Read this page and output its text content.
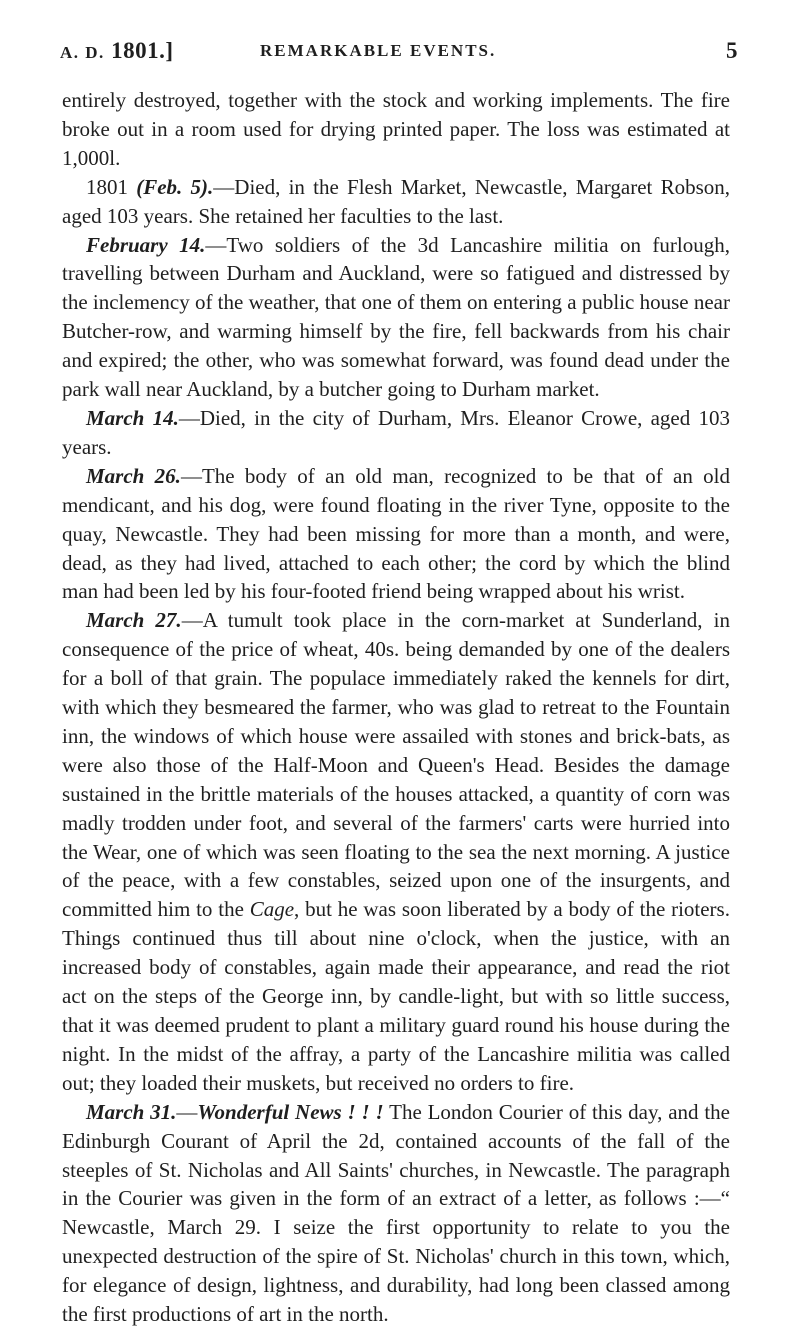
A. D. 1801.]	REMARKABLE EVENTS.	5

entirely destroyed, together with the stock and working implements. The fire broke out in a room used for drying printed paper. The loss was estimated at 1,000l.

1801 (Feb. 5).—Died, in the Flesh Market, Newcastle, Margaret Robson, aged 103 years. She retained her faculties to the last.

February 14.—Two soldiers of the 3d Lancashire militia on furlough, travelling between Durham and Auckland, were so fatigued and distressed by the inclemency of the weather, that one of them on entering a public house near Butcher-row, and warming himself by the fire, fell backwards from his chair and expired; the other, who was somewhat forward, was found dead under the park wall near Auckland, by a butcher going to Durham market.

March 14.—Died, in the city of Durham, Mrs. Eleanor Crowe, aged 103 years.

March 26.—The body of an old man, recognized to be that of an old mendicant, and his dog, were found floating in the river Tyne, opposite to the quay, Newcastle. They had been missing for more than a month, and were, dead, as they had lived, attached to each other; the cord by which the blind man had been led by his four-footed friend being wrapped about his wrist.

March 27.—A tumult took place in the corn-market at Sunderland, in consequence of the price of wheat, 40s. being demanded by one of the dealers for a boll of that grain. The populace immediately raked the kennels for dirt, with which they besmeared the farmer, who was glad to retreat to the Fountain inn, the windows of which house were assailed with stones and brick-bats, as were also those of the Half-Moon and Queen's Head. Besides the damage sustained in the brittle materials of the houses attacked, a quantity of corn was madly trodden under foot, and several of the farmers' carts were hurried into the Wear, one of which was seen floating to the sea the next morning. A justice of the peace, with a few constables, seized upon one of the insurgents, and committed him to the Cage, but he was soon liberated by a body of the rioters. Things continued thus till about nine o'clock, when the justice, with an increased body of constables, again made their appearance, and read the riot act on the steps of the George inn, by candle-light, but with so little success, that it was deemed prudent to plant a military guard round his house during the night. In the midst of the affray, a party of the Lancashire militia was called out; they loaded their muskets, but received no orders to fire.

March 31.—Wonderful News ! ! ! The London Courier of this day, and the Edinburgh Courant of April the 2d, contained accounts of the fall of the steeples of St. Nicholas and All Saints' churches, in Newcastle. The paragraph in the Courier was given in the form of an extract of a letter, as follows :—“ Newcastle, March 29. I seize the first opportunity to relate to you the unexpected destruction of the spire of St. Nicholas' church in this town, which, for elegance of design, lightness, and durability, had long been classed among the first productions of art in the north.
